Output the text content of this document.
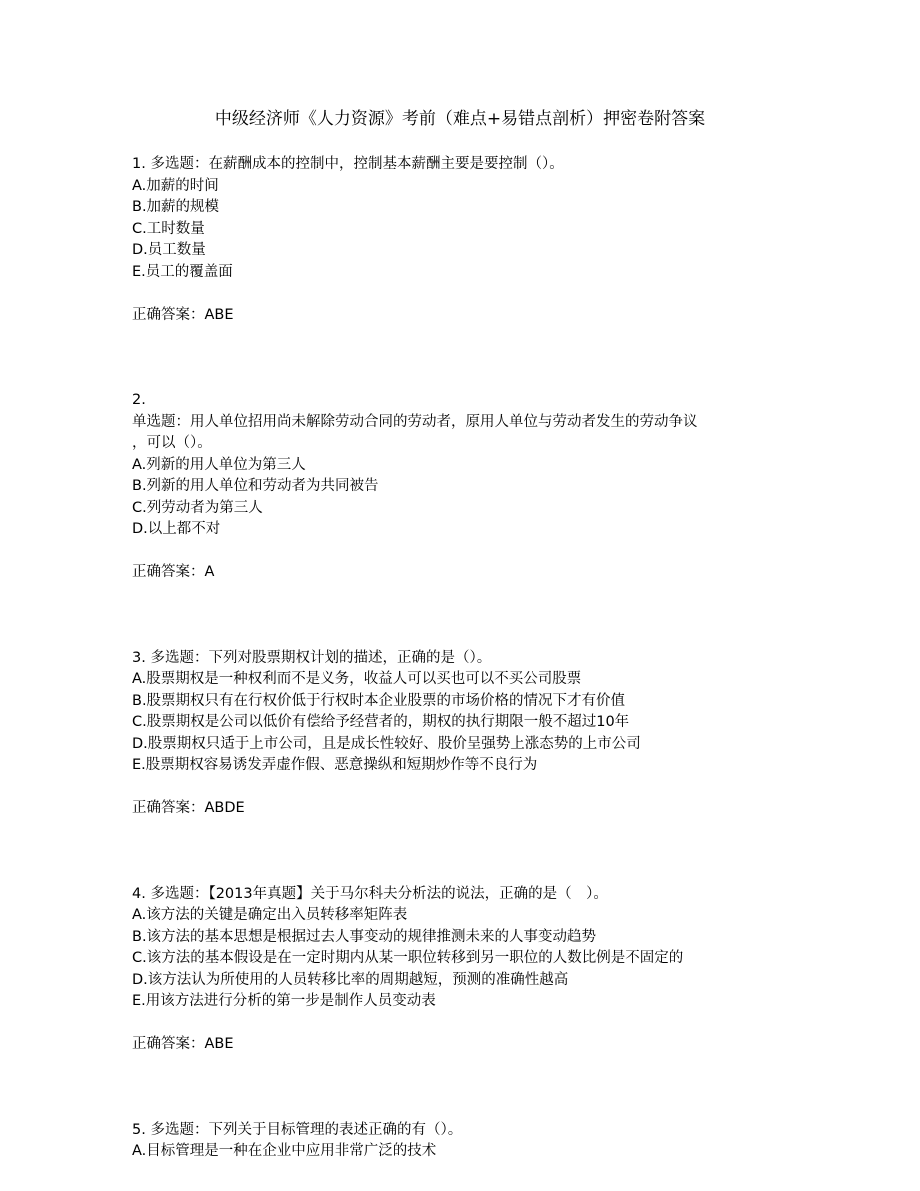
中级经济师《人力资源》考前（难点+易错点剖析）押密卷附答案
1. 多选题：在薪酬成本的控制中，控制基本薪酬主要是要控制（）。
A.加薪的时间
B.加薪的规模
C.工时数量
D.员工数量
E.员工的覆盖面
正确答案：ABE
2.
单选题：用人单位招用尚未解除劳动合同的劳动者，原用人单位与劳动者发生的劳动争议
，可以（）。
A.列新的用人单位为第三人
B.列新的用人单位和劳动者为共同被告
C.列劳动者为第三人
D.以上都不对
正确答案：A
3. 多选题：下列对股票期权计划的描述，正确的是（）。
A.股票期权是一种权利而不是义务，收益人可以买也可以不买公司股票
B.股票期权只有在行权价低于行权时本企业股票的市场价格的情况下才有价值
C.股票期权是公司以低价有偿给予经营者的，期权的执行期限一般不超过10年
D.股票期权只适于上市公司，且是成长性较好、股价呈强势上涨态势的上市公司
E.股票期权容易诱发弄虚作假、恶意操纵和短期炒作等不良行为
正确答案：ABDE
4. 多选题：【2013年真题】关于马尔科夫分析法的说法，正确的是（　）。
A.该方法的关键是确定出入员转移率矩阵表
B.该方法的基本思想是根据过去人事变动的规律推测未来的人事变动趋势
C.该方法的基本假设是在一定时期内从某一职位转移到另一职位的人数比例是不固定的
D.该方法认为所使用的人员转移比率的周期越短，预测的准确性越高
E.用该方法进行分析的第一步是制作人员变动表
正确答案：ABE
5. 多选题：下列关于目标管理的表述正确的有（）。
A.目标管理是一种在企业中应用非常广泛的技术
